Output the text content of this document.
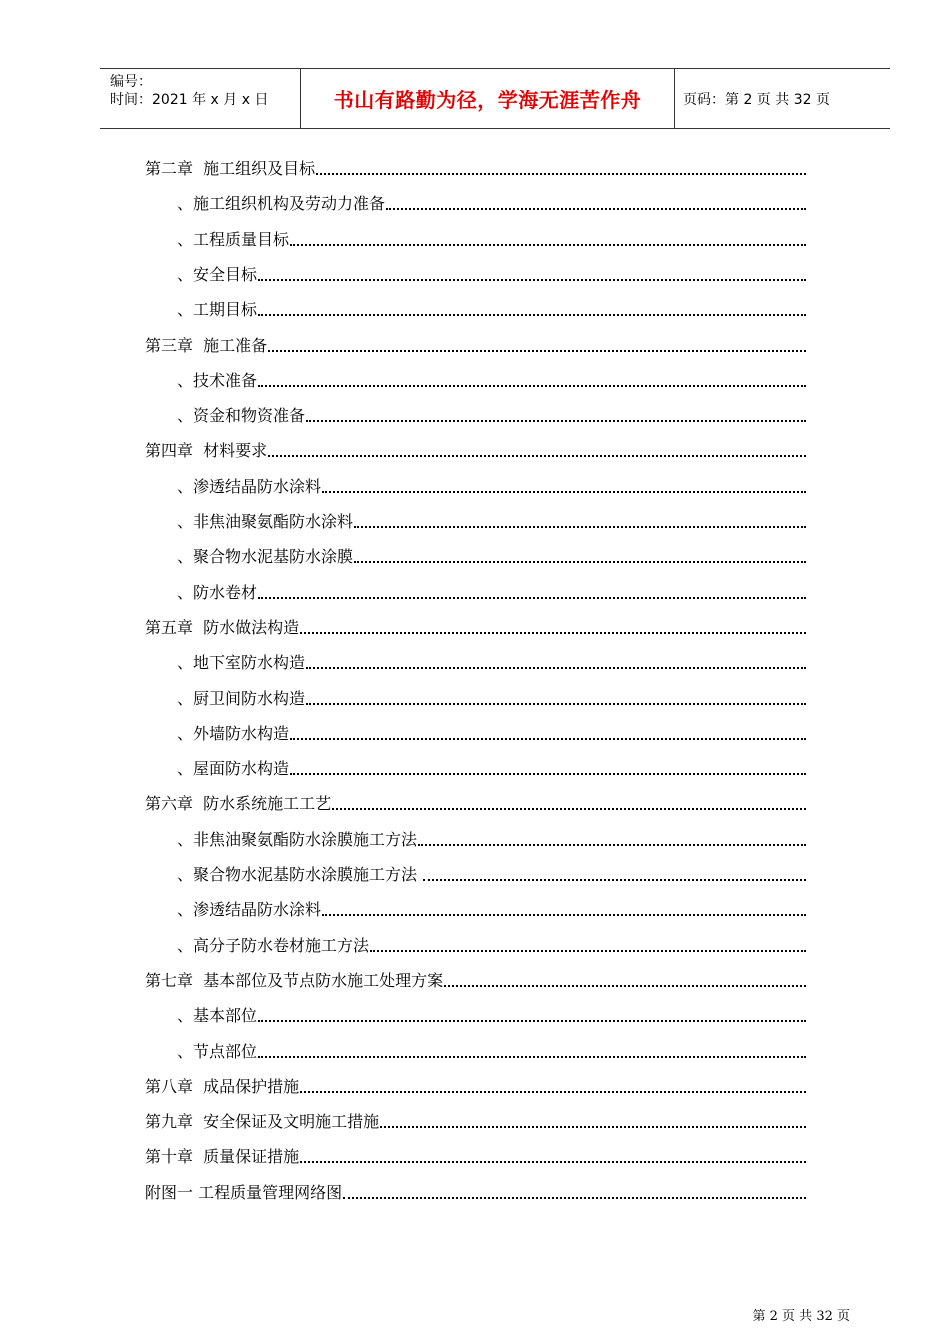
编号：
时间：2021 年 x 月 x 日	书山有路勤为径，学海无涯苦作舟	页码：第 2 页 共 32 页
第二章  施工组织及目标
、施工组织机构及劳动力准备
、工程质量目标
、安全目标
、工期目标
第三章  施工准备
、技术准备
、资金和物资准备
第四章  材料要求
、渗透结晶防水涂料
、非焦油聚氨酯防水涂料
、聚合物水泥基防水涂膜
、防水卷材
第五章  防水做法构造
、地下室防水构造
、厨卫间防水构造
、外墙防水构造
、屋面防水构造
第六章  防水系统施工工艺
、非焦油聚氨酯防水涂膜施工方法
、聚合物水泥基防水涂膜施工方法
、渗透结晶防水涂料
、高分子防水卷材施工方法
第七章  基本部位及节点防水施工处理方案
、基本部位
、节点部位
第八章  成品保护措施
第九章  安全保证及文明施工措施
第十章  质量保证措施
附图一 工程质量管理网络图
第 2 页 共 32 页
